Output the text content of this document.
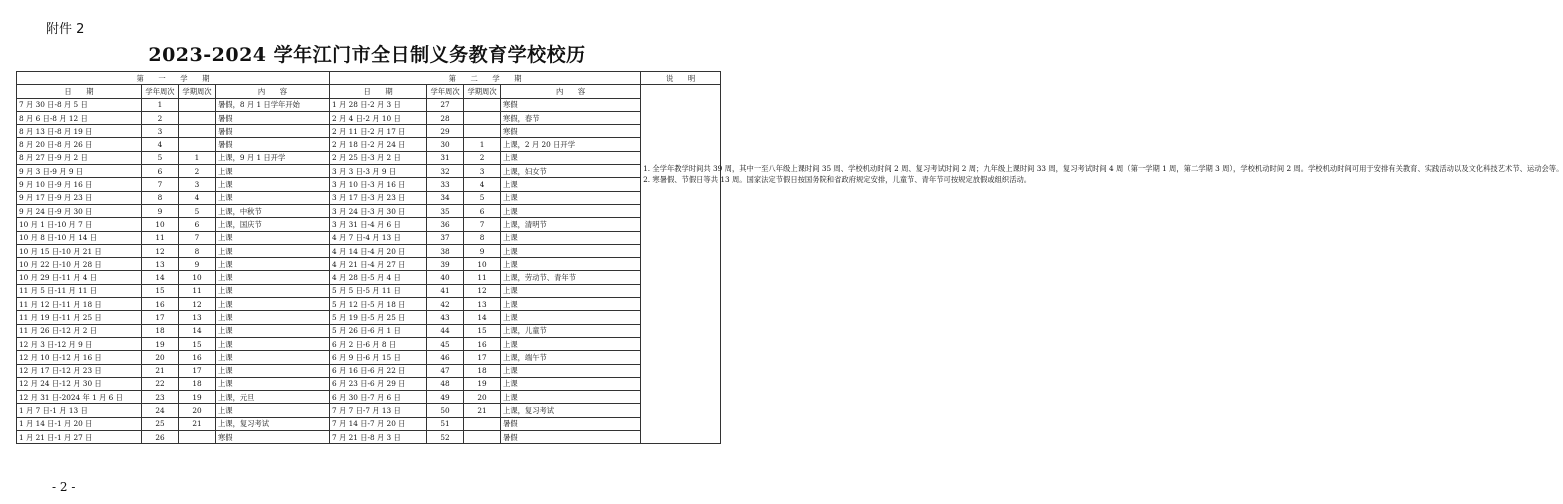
附件 2
2023-2024 学年江门市全日制义务教育学校校历
第　　一　　学　　期				第　　二　　学　　期				说　　明
日　　期	学年周次	学期周次	内　　容	日　　期	学年周次	学期周次	内　　容	1. 全学年教学时间共 39 周，其中一至八年级上课时间 35 周、学校机动时间 2 周、复习考试时间 2 周；九年级上课时间 33 周，复习考试时间 4 周（第一学期 1 周，第二学期 3 周），学校机动时间 2 周。学校机动时间可用于安排有关教育、实践活动以及文化科技艺术节、运动会等。
2. 寒暑假、节假日等共 13 周。国家法定节假日按国务院和省政府规定安排，儿童节、青年节可按规定放假或组织活动。

7 月 30 日-8 月 5 日	1		暑假，8 月 1 日学年开始	1 月 28 日-2 月 3 日	27		寒假	
8 月 6 日-8 月 12 日	2		暑假	2 月 4 日-2 月 10 日	28		寒假，春节	
8 月 13 日-8 月 19 日	3		暑假	2 月 11 日-2 月 17 日	29		寒假	
8 月 20 日-8 月 26 日	4		暑假	2 月 18 日-2 月 24 日	30	1	上课，2 月 20 日开学	
8 月 27 日-9 月 2 日	5	1	上课，9 月 1 日开学	2 月 25 日-3 月 2 日	31	2	上课	
9 月 3 日-9 月 9 日	6	2	上课	3 月 3 日-3 月 9 日	32	3	上课，妇女节	
9 月 10 日-9 月 16 日	7	3	上课	3 月 10 日-3 月 16 日	33	4	上课	
9 月 17 日-9 月 23 日	8	4	上课	3 月 17 日-3 月 23 日	34	5	上课	
9 月 24 日-9 月 30 日	9	5	上课，中秋节	3 月 24 日-3 月 30 日	35	6	上课	
10 月 1 日-10 月 7 日	10	6	上课，国庆节	3 月 31 日-4 月 6 日	36	7	上课，清明节	
10 月 8 日-10 月 14 日	11	7	上课	4 月 7 日-4 月 13 日	37	8	上课	
10 月 15 日-10 月 21 日	12	8	上课	4 月 14 日-4 月 20 日	38	9	上课	
10 月 22 日-10 月 28 日	13	9	上课	4 月 21 日-4 月 27 日	39	10	上课	
10 月 29 日-11 月 4 日	14	10	上课	4 月 28 日-5 月 4 日	40	11	上课，劳动节、青年节	
11 月 5 日-11 月 11 日	15	11	上课	5 月 5 日-5 月 11 日	41	12	上课	
11 月 12 日-11 月 18 日	16	12	上课	5 月 12 日-5 月 18 日	42	13	上课	
11 月 19 日-11 月 25 日	17	13	上课	5 月 19 日-5 月 25 日	43	14	上课	
11 月 26 日-12 月 2 日	18	14	上课	5 月 26 日-6 月 1 日	44	15	上课，儿童节	
12 月 3 日-12 月 9 日	19	15	上课	6 月 2 日-6 月 8 日	45	16	上课	
12 月 10 日-12 月 16 日	20	16	上课	6 月 9 日-6 月 15 日	46	17	上课，端午节	
12 月 17 日-12 月 23 日	21	17	上课	6 月 16 日-6 月 22 日	47	18	上课	
12 月 24 日-12 月 30 日	22	18	上课	6 月 23 日-6 月 29 日	48	19	上课	
12 月 31 日-2024 年 1 月 6 日	23	19	上课，元旦	6 月 30 日-7 月 6 日	49	20	上课	
1 月 7 日-1 月 13 日	24	20	上课	7 月 7 日-7 月 13 日	50	21	上课，复习考试	
1 月 14 日-1 月 20 日	25	21	上课，复习考试	7 月 14 日-7 月 20 日	51		暑假	
1 月 21 日-1 月 27 日	26		寒假	7 月 21 日-8 月 3 日	52		暑假	
- 2 -
